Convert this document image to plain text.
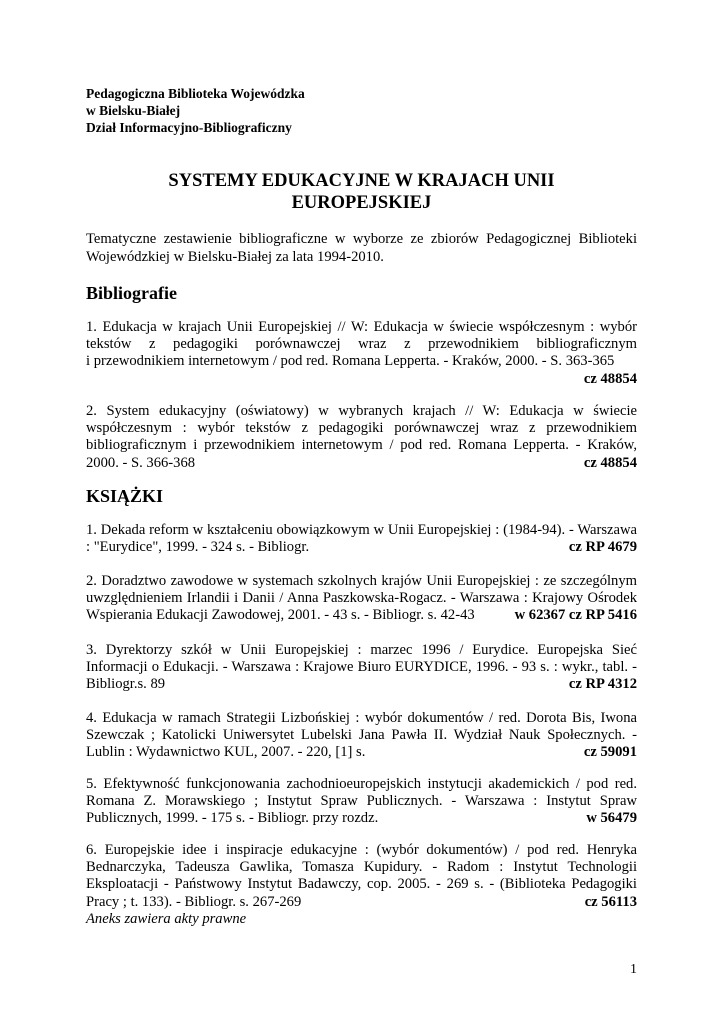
Pedagogiczna Biblioteka Wojewódzka
w Bielsku-Białej
Dział Informacyjno-Bibliograficzny
SYSTEMY EDUKACYJNE W KRAJACH UNII
EUROPEJSKIEJ
Tematyczne zestawienie bibliograficzne w wyborze ze zbiorów Pedagogicznej Biblioteki
Wojewódzkiej w Bielsku-Białej za lata 1994-2010.
Bibliografie
1. Edukacja w krajach Unii Europejskiej // W: Edukacja w świecie współczesnym : wybór
tekstów z pedagogiki porównawczej wraz z przewodnikiem bibliograficznym
i przewodnikiem internetowym / pod red. Romana Lepperta. - Kraków, 2000. - S. 363-365
cz 48854
2. System edukacyjny (oświatowy) w wybranych krajach // W: Edukacja w świecie
współczesnym : wybór tekstów z pedagogiki porównawczej wraz z przewodnikiem
bibliograficznym i przewodnikiem internetowym / pod red. Romana Lepperta. - Kraków,
2000. - S. 366-368	cz 48854
KSIĄŻKI
1. Dekada reform w kształceniu obowiązkowym w Unii Europejskiej : (1984-94). - Warszawa
: "Eurydice", 1999. - 324 s. - Bibliogr.	cz RP 4679
2. Doradztwo zawodowe w systemach szkolnych krajów Unii Europejskiej : ze szczególnym
uwzględnieniem Irlandii i Danii / Anna Paszkowska-Rogacz. - Warszawa : Krajowy Ośrodek
Wspierania Edukacji Zawodowej, 2001. - 43 s. - Bibliogr. s. 42-43	w 62367 cz RP 5416
3. Dyrektorzy szkół w Unii Europejskiej : marzec 1996 / Eurydice. Europejska Sieć
Informacji o Edukacji. - Warszawa : Krajowe Biuro EURYDICE, 1996. - 93 s. : wykr., tabl. -
Bibliogr.s. 89	cz RP 4312
4. Edukacja w ramach Strategii Lizbońskiej : wybór dokumentów / red. Dorota Bis, Iwona
Szewczak ; Katolicki Uniwersytet Lubelski Jana Pawła II. Wydział Nauk Społecznych. -
Lublin : Wydawnictwo KUL, 2007. - 220, [1] s.	cz 59091
5. Efektywność funkcjonowania zachodnioeuropejskich instytucji akademickich / pod red.
Romana Z. Morawskiego ; Instytut Spraw Publicznych. - Warszawa : Instytut Spraw
Publicznych, 1999. - 175 s. - Bibliogr. przy rozdz.	w 56479
6. Europejskie idee i inspiracje edukacyjne : (wybór dokumentów) / pod red. Henryka
Bednarczyka, Tadeusza Gawlika, Tomasza Kupidury. - Radom : Instytut Technologii
Eksploatacji - Państwowy Instytut Badawczy, cop. 2005. - 269 s. - (Biblioteka Pedagogiki
Pracy ; t. 133). - Bibliogr. s. 267-269	cz 56113
Aneks zawiera akty prawne
1
